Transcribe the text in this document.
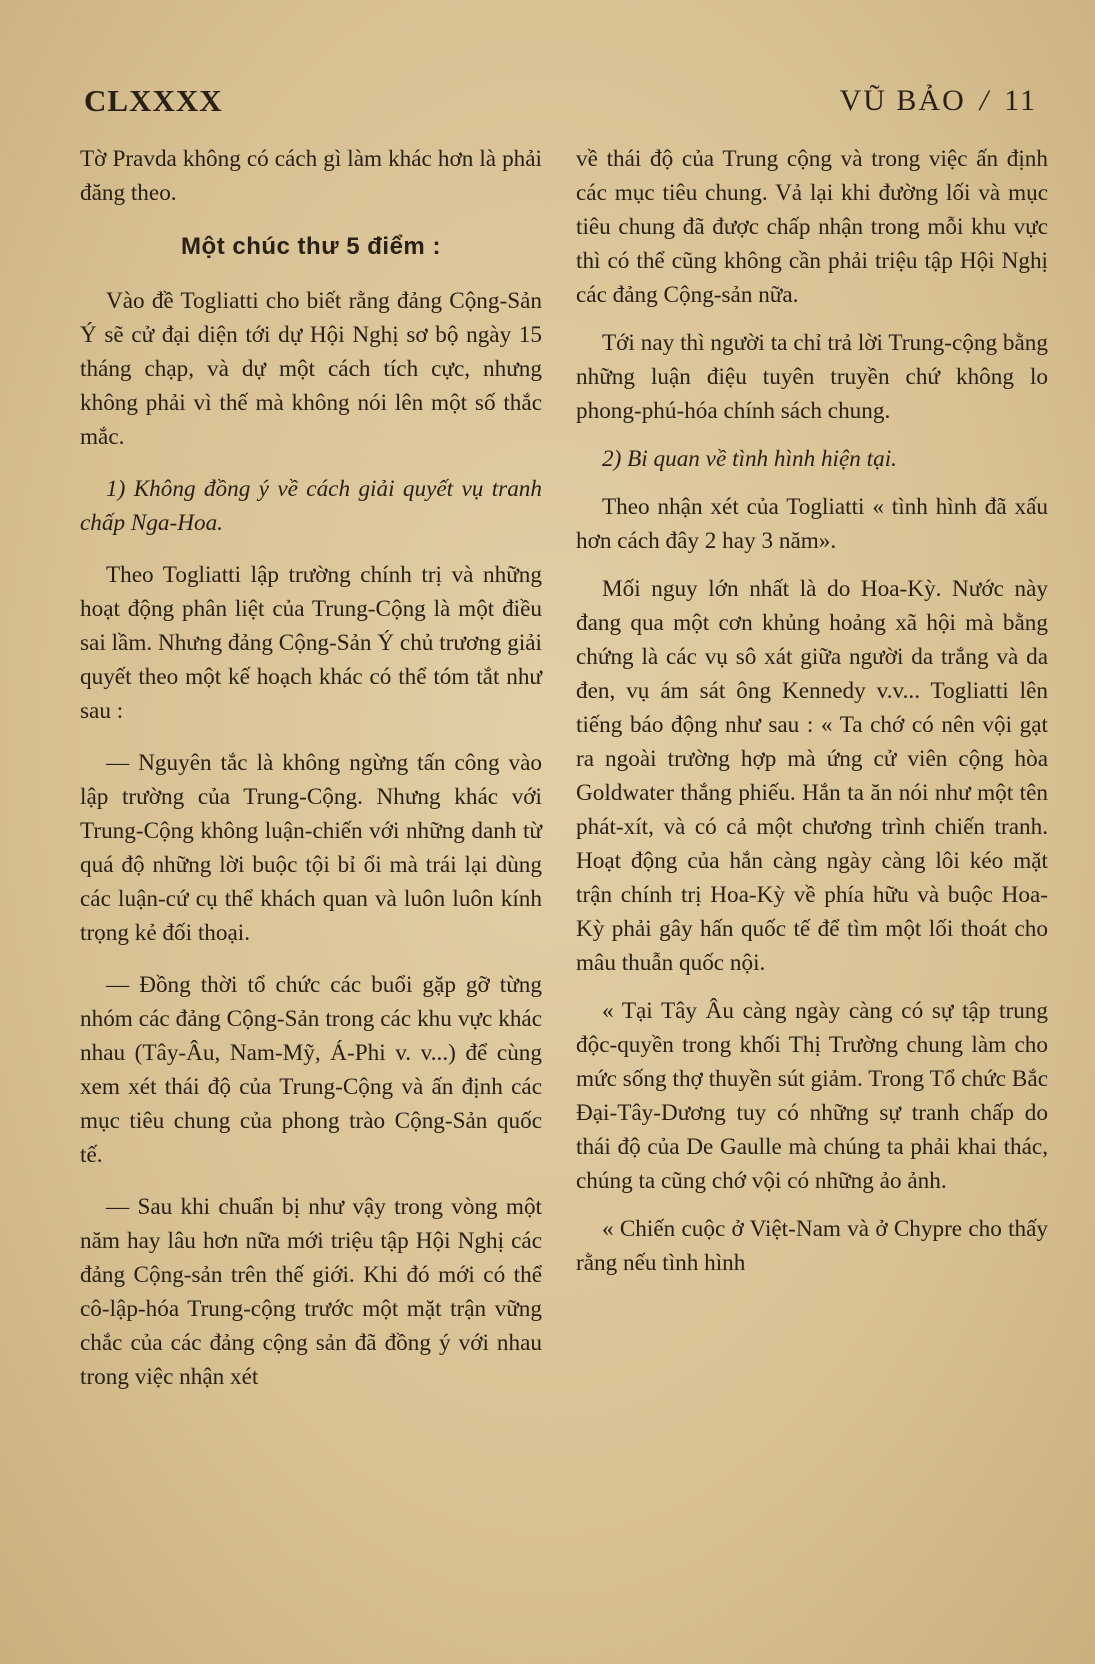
CLXXXX	VŨ BẢO / 11

Tờ Pravda không có cách gì làm khác hơn là phải đăng theo.

Một chúc thư 5 điểm :

Vào đề Togliatti cho biết rằng đảng Cộng-Sản Ý sẽ cử đại diện tới dự Hội Nghị sơ bộ ngày 15 tháng chạp, và dự một cách tích cực, nhưng không phải vì thế mà không nói lên một số thắc mắc.

1) Không đồng ý về cách giải quyết vụ tranh chấp Nga-Hoa.

Theo Togliatti lập trường chính trị và những hoạt động phân liệt của Trung-Cộng là một điều sai lầm. Nhưng đảng Cộng-Sản Ý chủ trương giải quyết theo một kế hoạch khác có thể tóm tắt như sau :

— Nguyên tắc là không ngừng tấn công vào lập trường của Trung-Cộng. Nhưng khác với Trung-Cộng không luận-chiến với những danh từ quá độ những lời buộc tội bỉ ổi mà trái lại dùng các luận-cứ cụ thể khách quan và luôn luôn kính trọng kẻ đối thoại.

— Đồng thời tổ chức các buổi gặp gỡ từng nhóm các đảng Cộng-Sản trong các khu vực khác nhau (Tây-Âu, Nam-Mỹ, Á-Phi v. v...) để cùng xem xét thái độ của Trung-Cộng và ấn định các mục tiêu chung của phong trào Cộng-Sản quốc tế.

— Sau khi chuẩn bị như vậy trong vòng một năm hay lâu hơn nữa mới triệu tập Hội Nghị các đảng Cộng-sản trên thế giới. Khi đó mới có thể cô-lập-hóa Trung-cộng trước một mặt trận vững chắc của các đảng cộng sản đã đồng ý với nhau trong việc nhận xét

về thái độ của Trung cộng và trong việc ấn định các mục tiêu chung. Vả lại khi đường lối và mục tiêu chung đã được chấp nhận trong mỗi khu vực thì có thể cũng không cần phải triệu tập Hội Nghị các đảng Cộng-sản nữa.

Tới nay thì người ta chỉ trả lời Trung-cộng bằng những luận điệu tuyên truyền chứ không lo phong-phú-hóa chính sách chung.

2) Bi quan về tình hình hiện tại.

Theo nhận xét của Togliatti « tình hình đã xấu hơn cách đây 2 hay 3 năm».

Mối nguy lớn nhất là do Hoa-Kỳ. Nước này đang qua một cơn khủng hoảng xã hội mà bằng chứng là các vụ sô xát giữa người da trắng và da đen, vụ ám sát ông Kennedy v.v... Togliatti lên tiếng báo động như sau : « Ta chớ có nên vội gạt ra ngoài trường hợp mà ứng cử viên cộng hòa Goldwater thắng phiếu. Hắn ta ăn nói như một tên phát-xít, và có cả một chương trình chiến tranh. Hoạt động của hắn càng ngày càng lôi kéo mặt trận chính trị Hoa-Kỳ về phía hữu và buộc Hoa-Kỳ phải gây hấn quốc tế để tìm một lối thoát cho mâu thuẫn quốc nội.

« Tại Tây Âu càng ngày càng có sự tập trung độc-quyền trong khối Thị Trường chung làm cho mức sống thợ thuyền sút giảm. Trong Tổ chức Bắc Đại-Tây-Dương tuy có những sự tranh chấp do thái độ của De Gaulle mà chúng ta phải khai thác, chúng ta cũng chớ vội có những ảo ảnh.

« Chiến cuộc ở Việt-Nam và ở Chypre cho thấy rằng nếu tình hình
